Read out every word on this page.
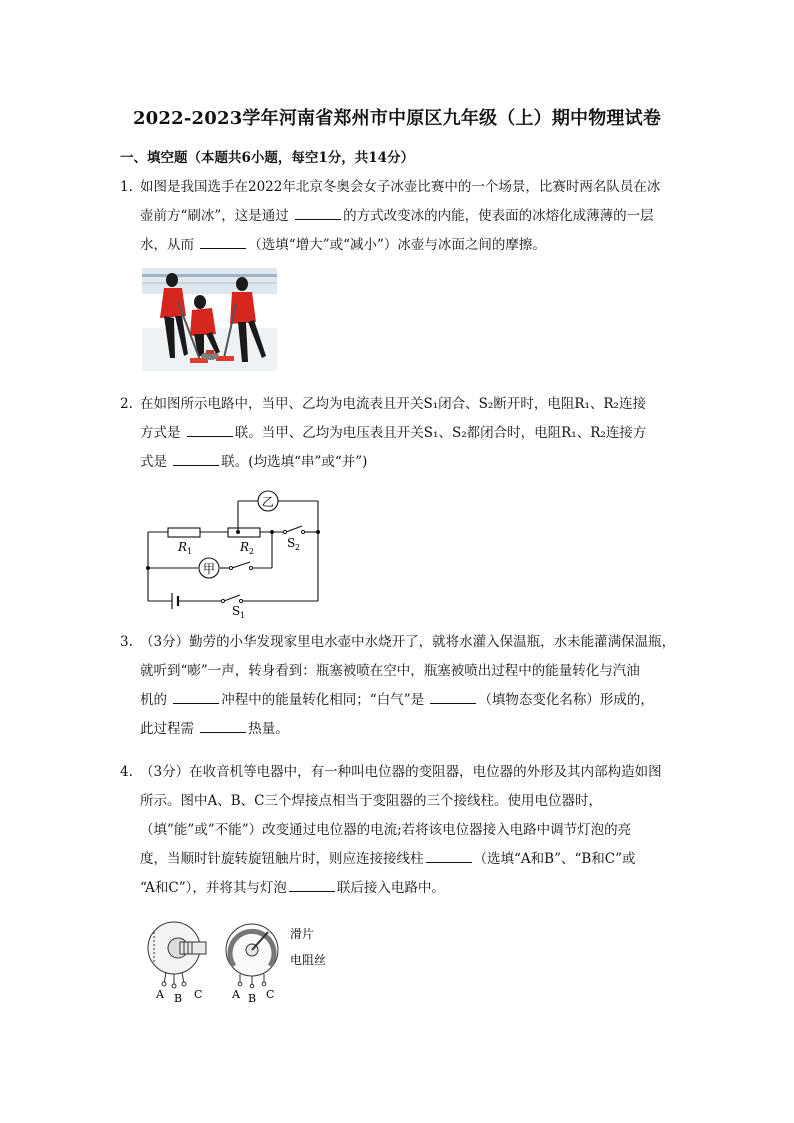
2022-2023学年河南省郑州市中原区九年级（上）期中物理试卷
一、填空题（本题共6小题，每空1分，共14分）
1. 如图是我国选手在2022年北京冬奥会女子冰壶比赛中的一个场景，比赛时两名队员在冰
壶前方“刷冰”，这是通过	的方式改变冰的内能，使表面的冰熔化成薄薄的一层
水，从而	（选填“增大”或“减小”）冰壶与冰面之间的摩擦。
2. 在如图所示电路中，当甲、乙均为电流表且开关S₁闭合、S₂断开时，电阻R₁、R₂连接
方式是	联。当甲、乙均为电压表且开关S₁、S₂都闭合时，电阻R₁、R₂连接方
式是	联。(均选填“串”或“并”)
乙
甲
R 1	R 2
S 2
S 1
3. （3分）勤劳的小华发现家里电水壶中水烧开了，就将水灌入保温瓶，水未能灌满保温瓶，
就听到“嘭”一声，转身看到：瓶塞被喷在空中，瓶塞被喷出过程中的能量转化与汽油
机的	冲程中的能量转化相同；“白气”是	（填物态变化名称）形成的，
此过程需	热量。
4. （3分）在收音机等电器中，有一种叫电位器的变阻器，电位器的外形及其内部构造如图
所示。图中A、B、C三个焊接点相当于变阻器的三个接线柱。使用电位器时，
（填”能”或”不能”）改变通过电位器的电流;若将该电位器接入电路中调节灯泡的亮
度，当顺时针旋转旋钮触片时，则应连接接线柱	（选填“A和B”、“B和C”或
“A和C”），并将其与灯泡	联后接入电路中。
A B C	A B C
滑片
电阻丝
